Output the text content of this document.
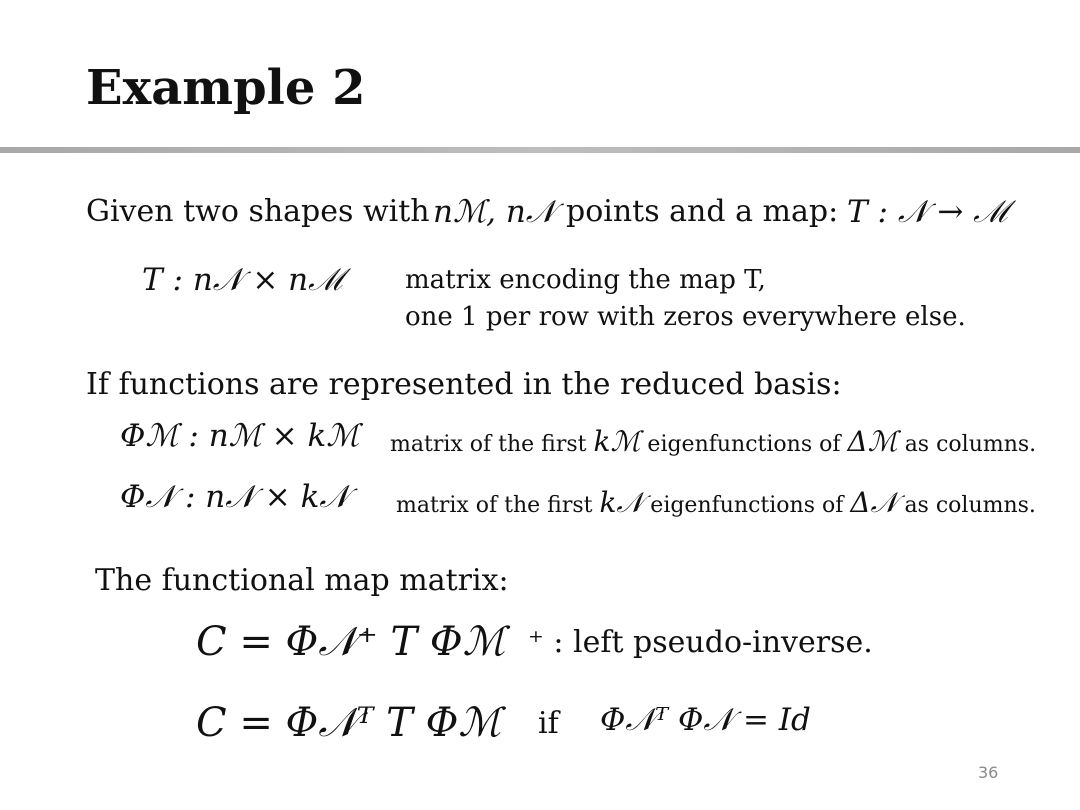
Example 2
Given two shapes with nℳ, n𝒩 points and a map: T : 𝒩 → ℳ
T : n𝒩 × nℳ matrix encoding the map T,
one 1 per row with zeros everywhere else.
If functions are represented in the reduced basis:
Φℳ : nℳ × kℳ matrix of the first kℳ eigenfunctions of Δℳ as columns.
Φ𝒩 : n𝒩 × k𝒩 matrix of the first k𝒩 eigenfunctions of Δ𝒩 as columns.
The functional map matrix:
C = Φ𝒩⁺ T Φℳ ⁺ : left pseudo-inverse.
C = Φ𝒩ᵀ T Φℳ if Φ𝒩ᵀ Φ𝒩 = Id
36
